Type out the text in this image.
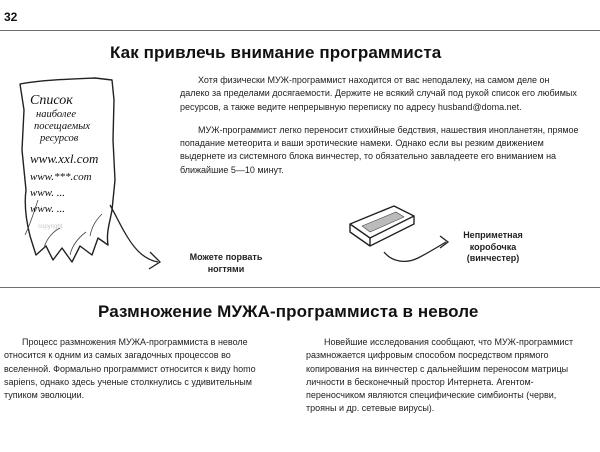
32
Как привлечь внимание программиста

Хотя физически МУЖ-программист находится от вас неподалеку, на самом деле он далеко за пределами досягаемости. Держите не всякий случай под рукой список его любимых ресурсов, а также ведите непрерывную переписку по адресу husband@doma.net.

МУЖ-программист легко переносит стихийные бедствия, нашествия инопланетян, прямое попадание метеорита и ваши эротические намеки. Однако если вы резким движением выдернете из системного блока винчестер, то обязательно завладеете его вниманием на ближайшие 5—10 минут.

Список
наиболее
посещаемых
ресурсов
www.xxl.com
www.***.com
www. ...
www. ...
copyright
Можете порвать
ногтями
Неприметная
коробочка
(винчестер)
Размножение МУЖА-программиста в неволе

Процесс размножения МУЖА-программиста в неволе относится к одним из самых загадочных процессов во вселенной. Формально программист относится к виду homo sapiens, однако здесь ученые столкнулись с удивительным тупиком эволюции.

Новейшие исследования сообщают, что МУЖ-программист размножается цифровым способом посредством прямого копирования на винчестер с дальнейшим переносом матрицы личности в бесконечный простор Интернета. Агентом-переносчиком являются специфические симбионты (черви, трояны и др. сетевые вирусы).
